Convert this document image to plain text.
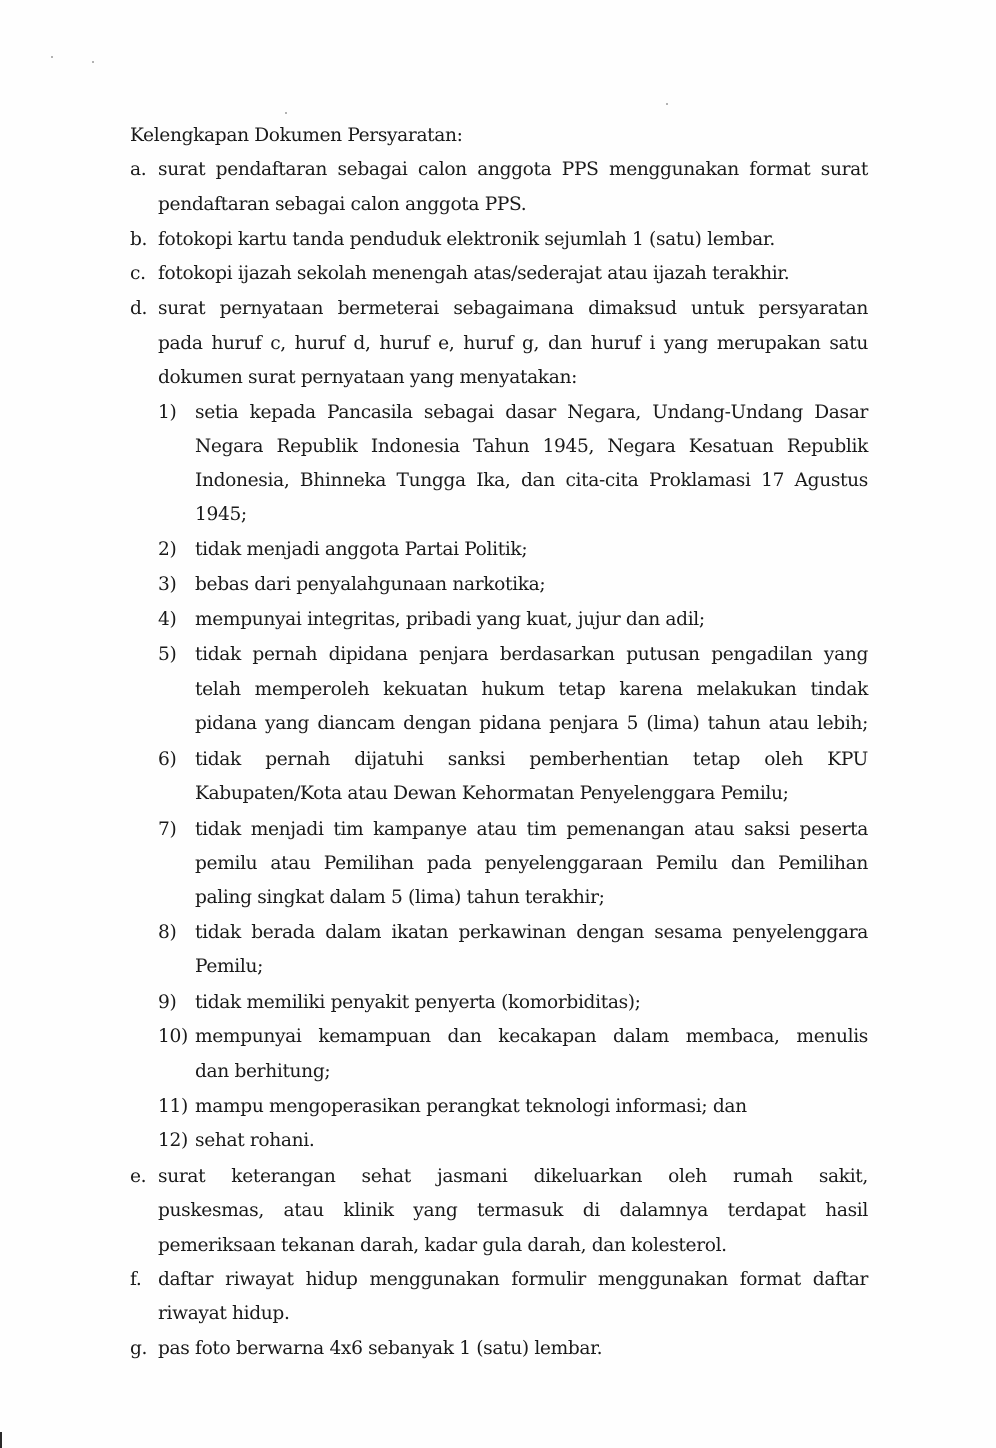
Kelengkapan Dokumen Persyaratan:
a. surat pendaftaran sebagai calon anggota PPS menggunakan format surat
pendaftaran sebagai calon anggota PPS.
b. fotokopi kartu tanda penduduk elektronik sejumlah 1 (satu) lembar.
c. fotokopi ijazah sekolah menengah atas/sederajat atau ijazah terakhir.
d. surat pernyataan bermeterai sebagaimana dimaksud untuk persyaratan
pada huruf c, huruf d, huruf e, huruf g, dan huruf i yang merupakan satu
dokumen surat pernyataan yang menyatakan:
1) setia kepada Pancasila sebagai dasar Negara, Undang-Undang Dasar
Negara Republik Indonesia Tahun 1945, Negara Kesatuan Republik
Indonesia, Bhinneka Tunggа Ika, dan cita-cita Proklamasi 17 Agustus
1945;
2) tidak menjadi anggota Partai Politik;
3) bebas dari penyalahgunaan narkotika;
4) mempunyai integritas, pribadi yang kuat, jujur dan adil;
5) tidak pernah dipidana penjara berdasarkan putusan pengadilan yang
telah memperoleh kekuatan hukum tetap karena melakukan tindak
pidana yang diancam dengan pidana penjara 5 (lima) tahun atau lebih;
6) tidak pernah dijatuhi sanksi pemberhentian tetap oleh KPU
Kabupaten/Kota atau Dewan Kehormatan Penyelenggara Pemilu;
7) tidak menjadi tim kampanye atau tim pemenangan atau saksi peserta
pemilu atau Pemilihan pada penyelenggaraan Pemilu dan Pemilihan
paling singkat dalam 5 (lima) tahun terakhir;
8) tidak berada dalam ikatan perkawinan dengan sesama penyelenggara
Pemilu;
9) tidak memiliki penyakit penyerta (komorbiditas);
10) mempunyai kemampuan dan kecakapan dalam membaca, menulis
dan berhitung;
11) mampu mengoperasikan perangkat teknologi informasi; dan
12) sehat rohani.
e. surat keterangan sehat jasmani dikeluarkan oleh rumah sakit,
puskesmas, atau klinik yang termasuk di dalamnya terdapat hasil
pemeriksaan tekanan darah, kadar gula darah, dan kolesterol.
f. daftar riwayat hidup menggunakan formulir menggunakan format daftar
riwayat hidup.
g. pas foto berwarna 4x6 sebanyak 1 (satu) lembar.
